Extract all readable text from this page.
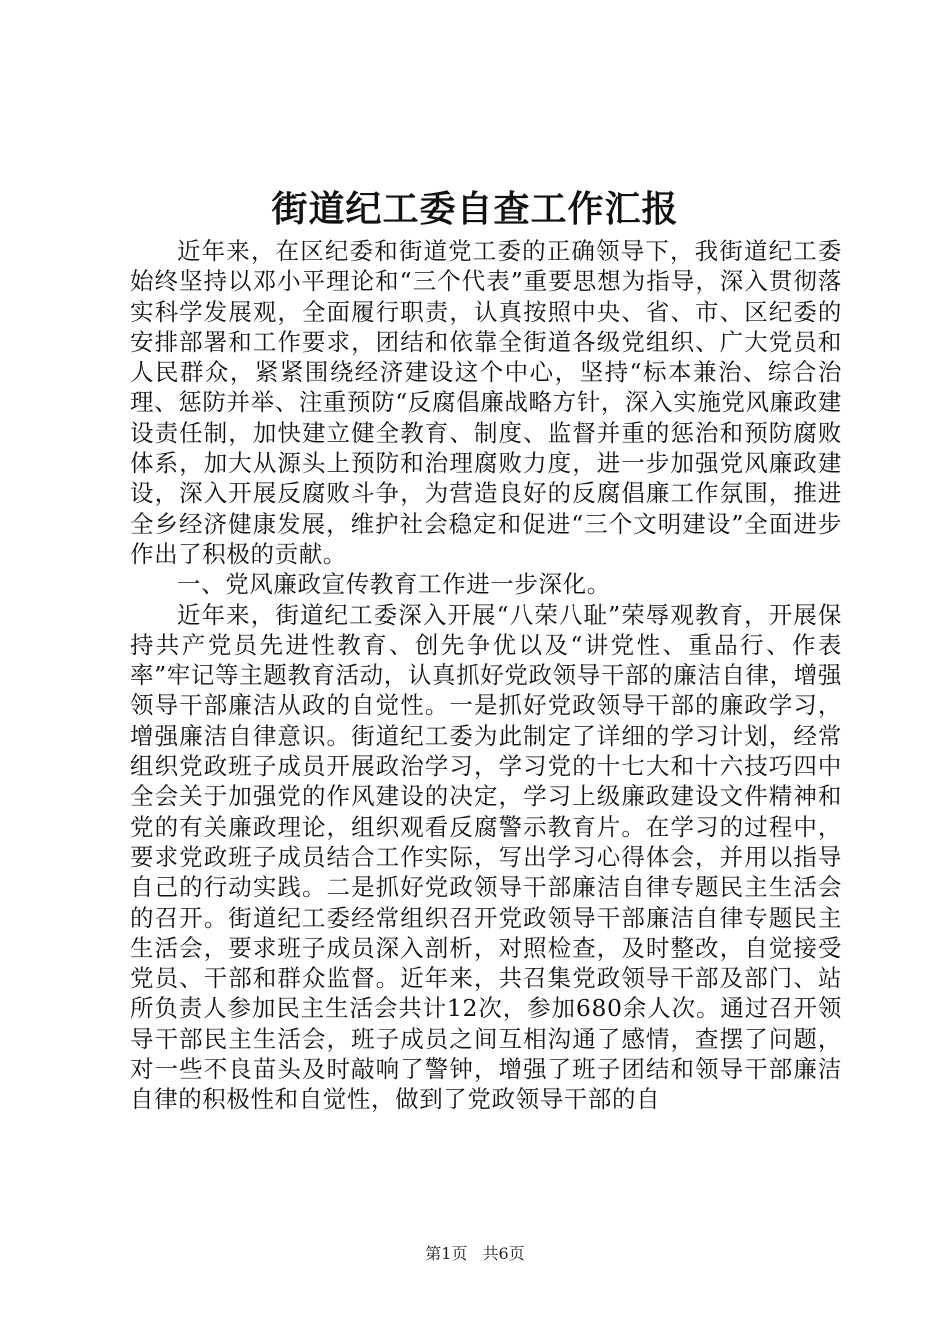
街道纪工委自查工作汇报

近年来，在区纪委和街道党工委的正确领导下，我街道纪工委始终坚持以邓小平理论和“三个代表”重要思想为指导，深入贯彻落实科学发展观，全面履行职责，认真按照中央、省、市、区纪委的安排部署和工作要求，团结和依靠全街道各级党组织、广大党员和人民群众，紧紧围绕经济建设这个中心，坚持“标本兼治、综合治理、惩防并举、注重预防“反腐倡廉战略方针，深入实施党风廉政建设责任制，加快建立健全教育、制度、监督并重的惩治和预防腐败体系，加大从源头上预防和治理腐败力度，进一步加强党风廉政建设，深入开展反腐败斗争，为营造良好的反腐倡廉工作氛围，推进全乡经济健康发展，维护社会稳定和促进“三个文明建设”全面进步作出了积极的贡献。

一、党风廉政宣传教育工作进一步深化。

近年来，街道纪工委深入开展“八荣八耻”荣辱观教育，开展保持共产党员先进性教育、创先争优以及“讲党性、重品行、作表率”牢记等主题教育活动，认真抓好党政领导干部的廉洁自律，增强领导干部廉洁从政的自觉性。一是抓好党政领导干部的廉政学习，增强廉洁自律意识。街道纪工委为此制定了详细的学习计划，经常组织党政班子成员开展政治学习，学习党的十七大和十六技巧四中全会关于加强党的作风建设的决定，学习上级廉政建设文件精神和党的有关廉政理论，组织观看反腐警示教育片。在学习的过程中，要求党政班子成员结合工作实际，写出学习心得体会，并用以指导自己的行动实践。二是抓好党政领导干部廉洁自律专题民主生活会的召开。街道纪工委经常组织召开党政领导干部廉洁自律专题民主生活会，要求班子成员深入剖析，对照检查，及时整改，自觉接受党员、干部和群众监督。近年来，共召集党政领导干部及部门、站所负责人参加民主生活会共计12次，参加680余人次。通过召开领导干部民主生活会，班子成员之间互相沟通了感情，查摆了问题，对一些不良苗头及时敲响了警钟，增强了班子团结和领导干部廉洁自律的积极性和自觉性，做到了党政领导干部的自

第1页 共6页
